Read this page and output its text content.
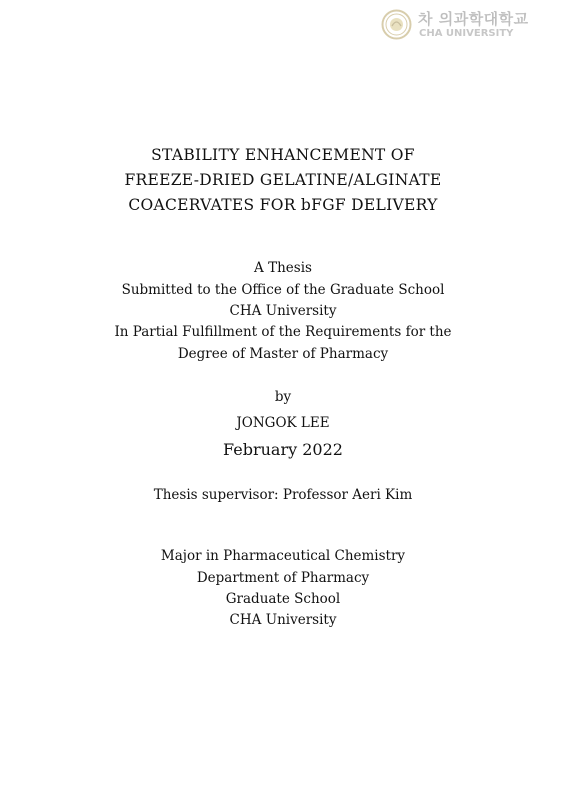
차 의과학대학교
CHA UNIVERSITY
STABILITY ENHANCEMENT OF
FREEZE-DRIED GELATINE/ALGINATE
COACERVATES FOR bFGF DELIVERY
A Thesis
Submitted to the Office of the Graduate School
CHA University
In Partial Fulfillment of the Requirements for the
Degree of Master of Pharmacy
by
JONGOK LEE
February 2022
Thesis supervisor: Professor Aeri Kim
Major in Pharmaceutical Chemistry
Department of Pharmacy
Graduate School
CHA University
